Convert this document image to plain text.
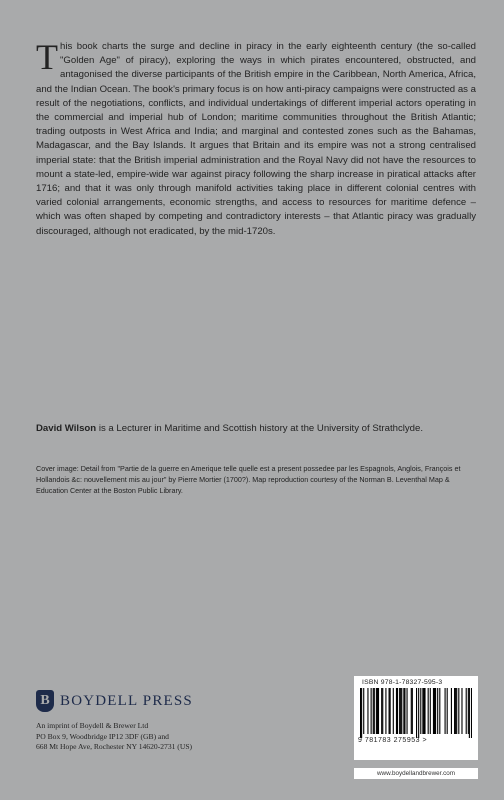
This book charts the surge and decline in piracy in the early eighteenth century (the so-called "Golden Age" of piracy), exploring the ways in which pirates encountered, obstructed, and antagonised the diverse participants of the British empire in the Caribbean, North America, Africa, and the Indian Ocean. The book's primary focus is on how anti-piracy campaigns were constructed as a result of the negotiations, conflicts, and individual undertakings of different imperial actors operating in the commercial and imperial hub of London; maritime communities throughout the British Atlantic; trading outposts in West Africa and India; and marginal and contested zones such as the Bahamas, Madagascar, and the Bay Islands. It argues that Britain and its empire was not a strong centralised imperial state: that the British imperial administration and the Royal Navy did not have the resources to mount a state-led, empire-wide war against piracy following the sharp increase in piratical attacks after 1716; and that it was only through manifold activities taking place in different colonial centres with varied colonial arrangements, economic strengths, and access to resources for maritime defence – which was often shaped by competing and contradictory interests – that Atlantic piracy was gradually discouraged, although not eradicated, by the mid-1720s.

David Wilson is a Lecturer in Maritime and Scottish history at the University of Strathclyde.

Cover image: Detail from "Partie de la guerre en Amerique telle quelle est a present possedee par les Espagnols, Anglois, François et Hollandois &c: nouvellement mis au jour" by Pierre Mortier (1700?). Map reproduction courtesy of the Norman B. Leventhal Map & Education Center at the Boston Public Library.

B BOYDELL PRESS
An imprint of Boydell & Brewer Ltd
PO Box 9, Woodbridge IP12 3DF (GB) and
668 Mt Hope Ave, Rochester NY 14620-2731 (US)
ISBN 978-1-78327-595-3
9 781783 275953 >
www.boydellandbrewer.com
